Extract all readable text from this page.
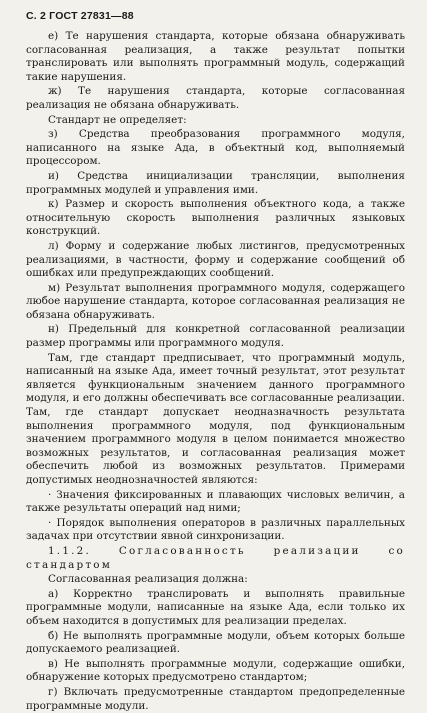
С. 2 ГОСТ 27831—88

е) Те нарушения стандарта, которые обязана обнаруживать согласованная реализация, а также результат попытки транслировать или выполнять программный модуль, содержащий такие нарушения.

ж) Те нарушения стандарта, которые согласованная реализация не обязана обнаруживать.

Стандарт не определяет:

з) Средства преобразования программного модуля, написанного на языке Ада, в объектный код, выполняемый процессором.

и) Средства инициализации трансляции, выполнения программных модулей и управления ими.

к) Размер и скорость выполнения объектного кода, а также относительную скорость выполнения различных языковых конструкций.

л) Форму и содержание любых листингов, предусмотренных реализациями, в частности, форму и содержание сообщений об ошибках или предупреждающих сообщений.

м) Результат выполнения программного модуля, содержащего любое нарушение стандарта, которое согласованная реализация не обязана обнаруживать.

н) Предельный для конкретной согласованной реализации размер программы или программного модуля.

Там, где стандарт предписывает, что программный модуль, написанный на языке Ада, имеет точный результат, этот результат является функциональным значением данного программного модуля, и его должны обеспечивать все согласованные реализации. Там, где стандарт допускает неодназначность результата выполнения программного модуля, под функциональным значением программного модуля в целом понимается множество возможных результатов, и согласованная реализация может обеспечить любой из возможных результатов. Примерами допустимых неоднозначностей являются:

· Значения фиксированных и плавающих числовых величин, а также результаты операций над ними;

· Порядок выполнения операторов в различных параллельных задачах при отсутствии явной синхронизации.

1.1.2. Согласованность реализации со стандартом

Согласованная реализация должна:

а) Корректно транслировать и выполнять правильные программные модули, написанные на языке Ада, если только их объем находится в допустимых для реализации пределах.

б) Не выполнять программные модули, объем которых больше допускаемого реализацией.

в) Не выполнять программные модули, содержащие ошибки, обнаружение которых предусмотрено стандартом;

г) Включать предусмотренные стандартом предопределенные программные модули.
